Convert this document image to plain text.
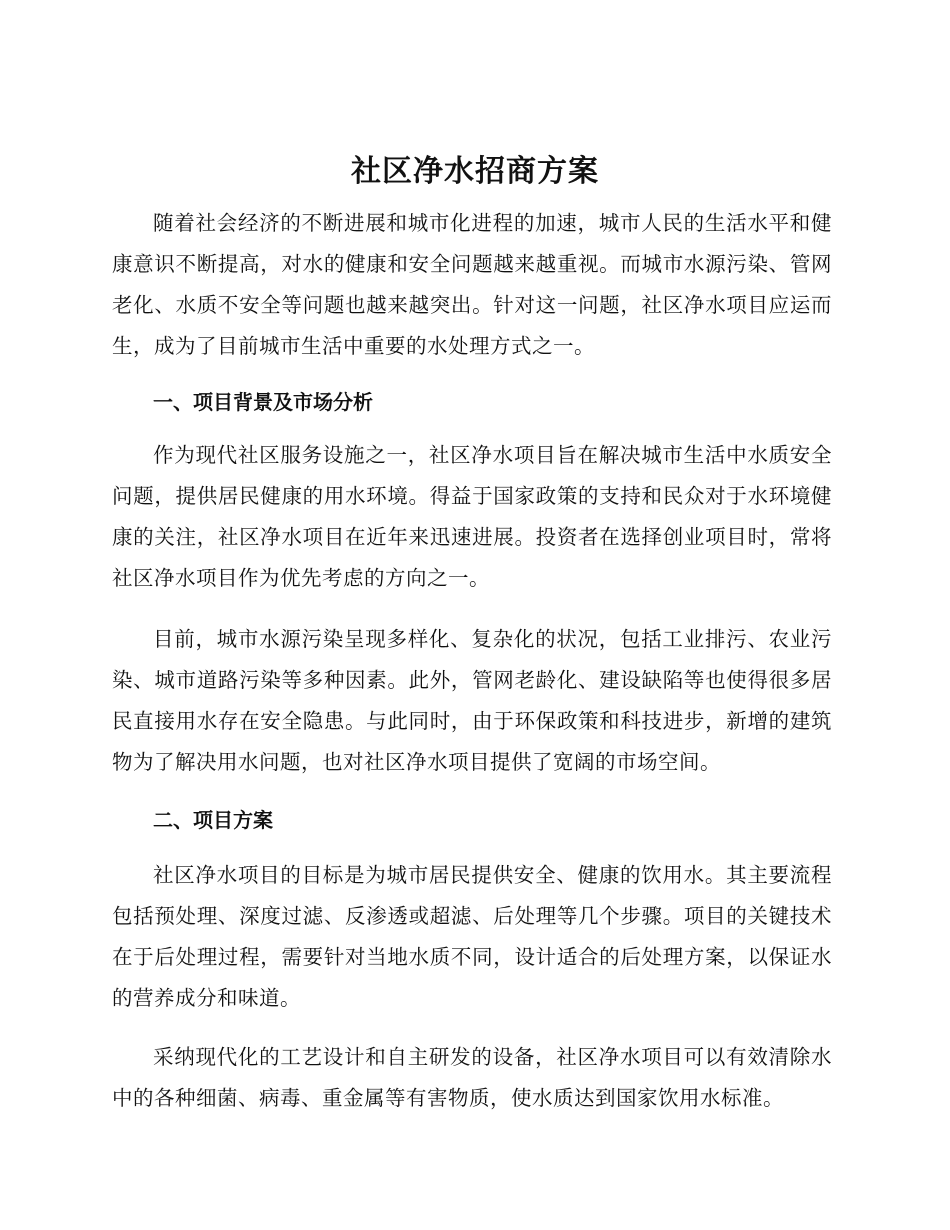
社区净水招商方案

随着社会经济的不断进展和城市化进程的加速，城市人民的生活水平和健康意识不断提高，对水的健康和安全问题越来越重视。而城市水源污染、管网老化、水质不安全等问题也越来越突出。针对这一问题，社区净水项目应运而生，成为了目前城市生活中重要的水处理方式之一。

一、项目背景及市场分析

作为现代社区服务设施之一，社区净水项目旨在解决城市生活中水质安全问题，提供居民健康的用水环境。得益于国家政策的支持和民众对于水环境健康的关注，社区净水项目在近年来迅速进展。投资者在选择创业项目时，常将社区净水项目作为优先考虑的方向之一。

目前，城市水源污染呈现多样化、复杂化的状况，包括工业排污、农业污染、城市道路污染等多种因素。此外，管网老龄化、建设缺陷等也使得很多居民直接用水存在安全隐患。与此同时，由于环保政策和科技进步，新增的建筑物为了解决用水问题，也对社区净水项目提供了宽阔的市场空间。

二、项目方案

社区净水项目的目标是为城市居民提供安全、健康的饮用水。其主要流程包括预处理、深度过滤、反渗透或超滤、后处理等几个步骤。项目的关键技术在于后处理过程，需要针对当地水质不同，设计适合的后处理方案，以保证水的营养成分和味道。

采纳现代化的工艺设计和自主研发的设备，社区净水项目可以有效清除水中的各种细菌、病毒、重金属等有害物质，使水质达到国家饮用水标准。
